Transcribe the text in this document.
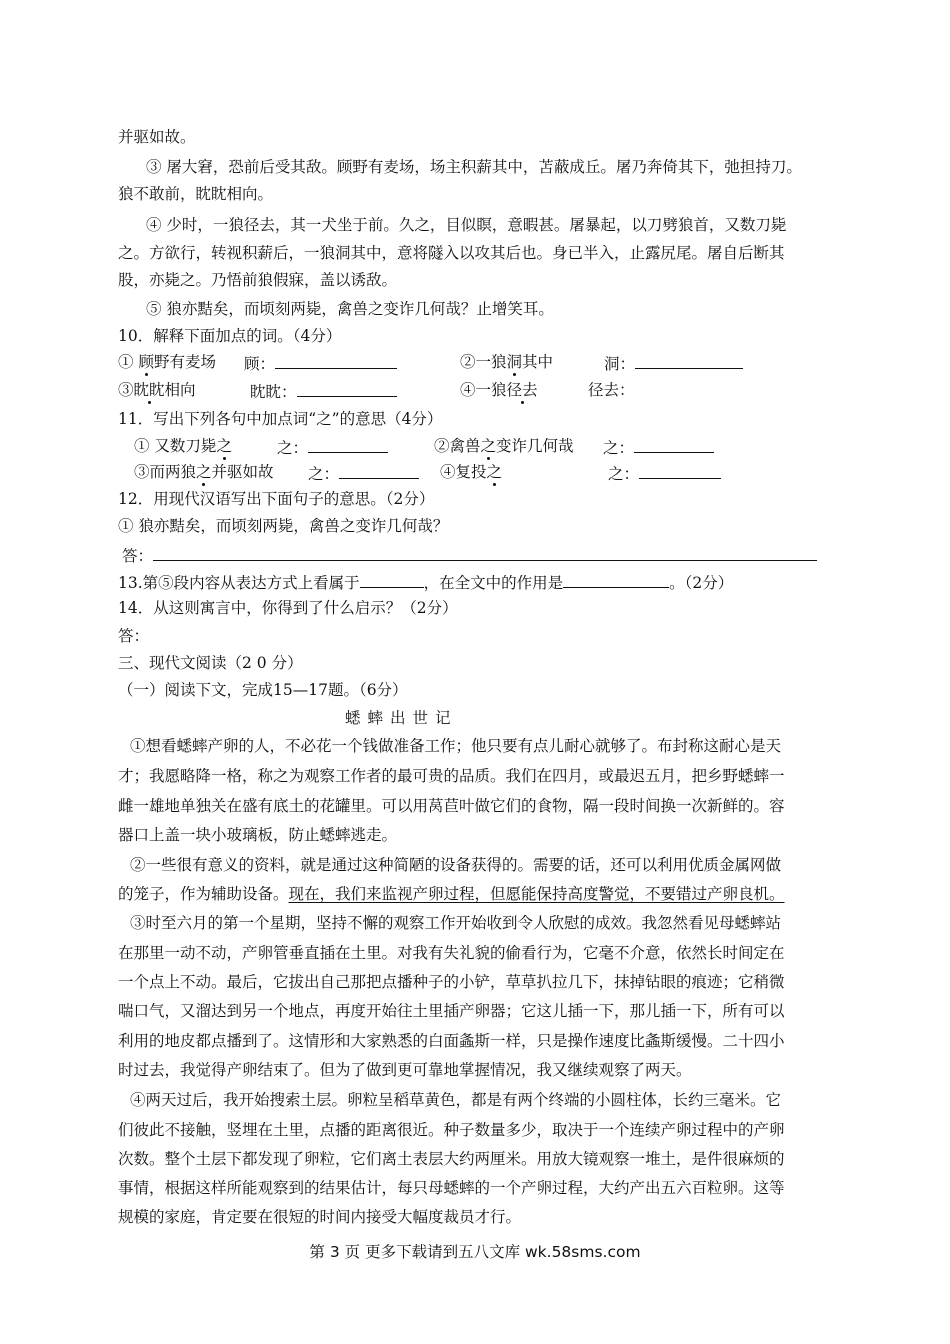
并驱如故。
③ 屠大窘，恐前后受其敌。顾野有麦场，场主积薪其中，苫蔽成丘。屠乃奔倚其下，弛担持刀。
狼不敢前，眈眈相向。
④ 少时，一狼径去，其一犬坐于前。久之，目似瞑，意暇甚。屠暴起，以刀劈狼首，又数刀毙
之。方欲行，转视积薪后，一狼洞其中，意将隧入以攻其后也。身已半入，止露尻尾。屠自后断其
股，亦毙之。乃悟前狼假寐，盖以诱敌。
⑤ 狼亦黠矣，而顷刻两毙，禽兽之变诈几何哉？止增笑耳。
10．解释下面加点的词。（4分）
① 顾野有麦场 顾：	②一狼洞其中	洞：
③眈眈相向	眈眈：	④一狼径去	径去：
11．写出下列各句中加点词“之”的意思（4分）
① 又数刀毙之	之：	②禽兽之变诈几何哉 之：
③而两狼之并驱如故 之：	④复投之	之：
12．用现代汉语写出下面句子的意思。（2分）
① 狼亦黠矣，而顷刻两毙，禽兽之变诈几何哉？
答：
13.第⑤段内容从表达方式上看属于	，在全文中的作用是	。（2分）
14．从这则寓言中，你得到了什么启示？（2分）
答：
三、现代文阅读（2 0 分）
（一）阅读下文，完成15—17题。（6分）
蟋蟀出世记
①想看蟋蟀产卵的人，不必花一个钱做准备工作；他只要有点儿耐心就够了。布封称这耐心是天
才；我愿略降一格，称之为观察工作者的最可贵的品质。我们在四月，或最迟五月，把乡野蟋蟀一
雌一雄地单独关在盛有底土的花罐里。可以用莴苣叶做它们的食物，隔一段时间换一次新鲜的。容
器口上盖一块小玻璃板，防止蟋蟀逃走。
②一些很有意义的资料，就是通过这种简陋的设备获得的。需要的话，还可以利用优质金属网做
的笼子，作为辅助设备。现在，我们来监视产卵过程，但愿能保持高度警觉，不要错过产卵良机。
③时至六月的第一个星期，坚持不懈的观察工作开始收到令人欣慰的成效。我忽然看见母蟋蟀站
在那里一动不动，产卵管垂直插在土里。对我有失礼貌的偷看行为，它毫不介意，依然长时间定在
一个点上不动。最后，它拔出自己那把点播种子的小铲，草草扒拉几下，抹掉钻眼的痕迹；它稍微
喘口气，又溜达到另一个地点，再度开始往土里插产卵器；它这儿插一下，那儿插一下，所有可以
利用的地皮都点播到了。这情形和大家熟悉的白面螽斯一样，只是操作速度比螽斯缓慢。二十四小
时过去，我觉得产卵结束了。但为了做到更可靠地掌握情况，我又继续观察了两天。
④两天过后，我开始搜索土层。卵粒呈稻草黄色，都是有两个终端的小圆柱体，长约三毫米。它
们彼此不接触，竖埋在土里，点播的距离很近。种子数量多少，取决于一个连续产卵过程中的产卵
次数。整个土层下都发现了卵粒，它们离土表层大约两厘米。用放大镜观察一堆土，是件很麻烦的
事情，根据这样所能观察到的结果估计，每只母蟋蟀的一个产卵过程，大约产出五六百粒卵。这等
规模的家庭，肯定要在很短的时间内接受大幅度裁员才行。
第 3 页 更多下载请到五八文库 wk.58sms.com
